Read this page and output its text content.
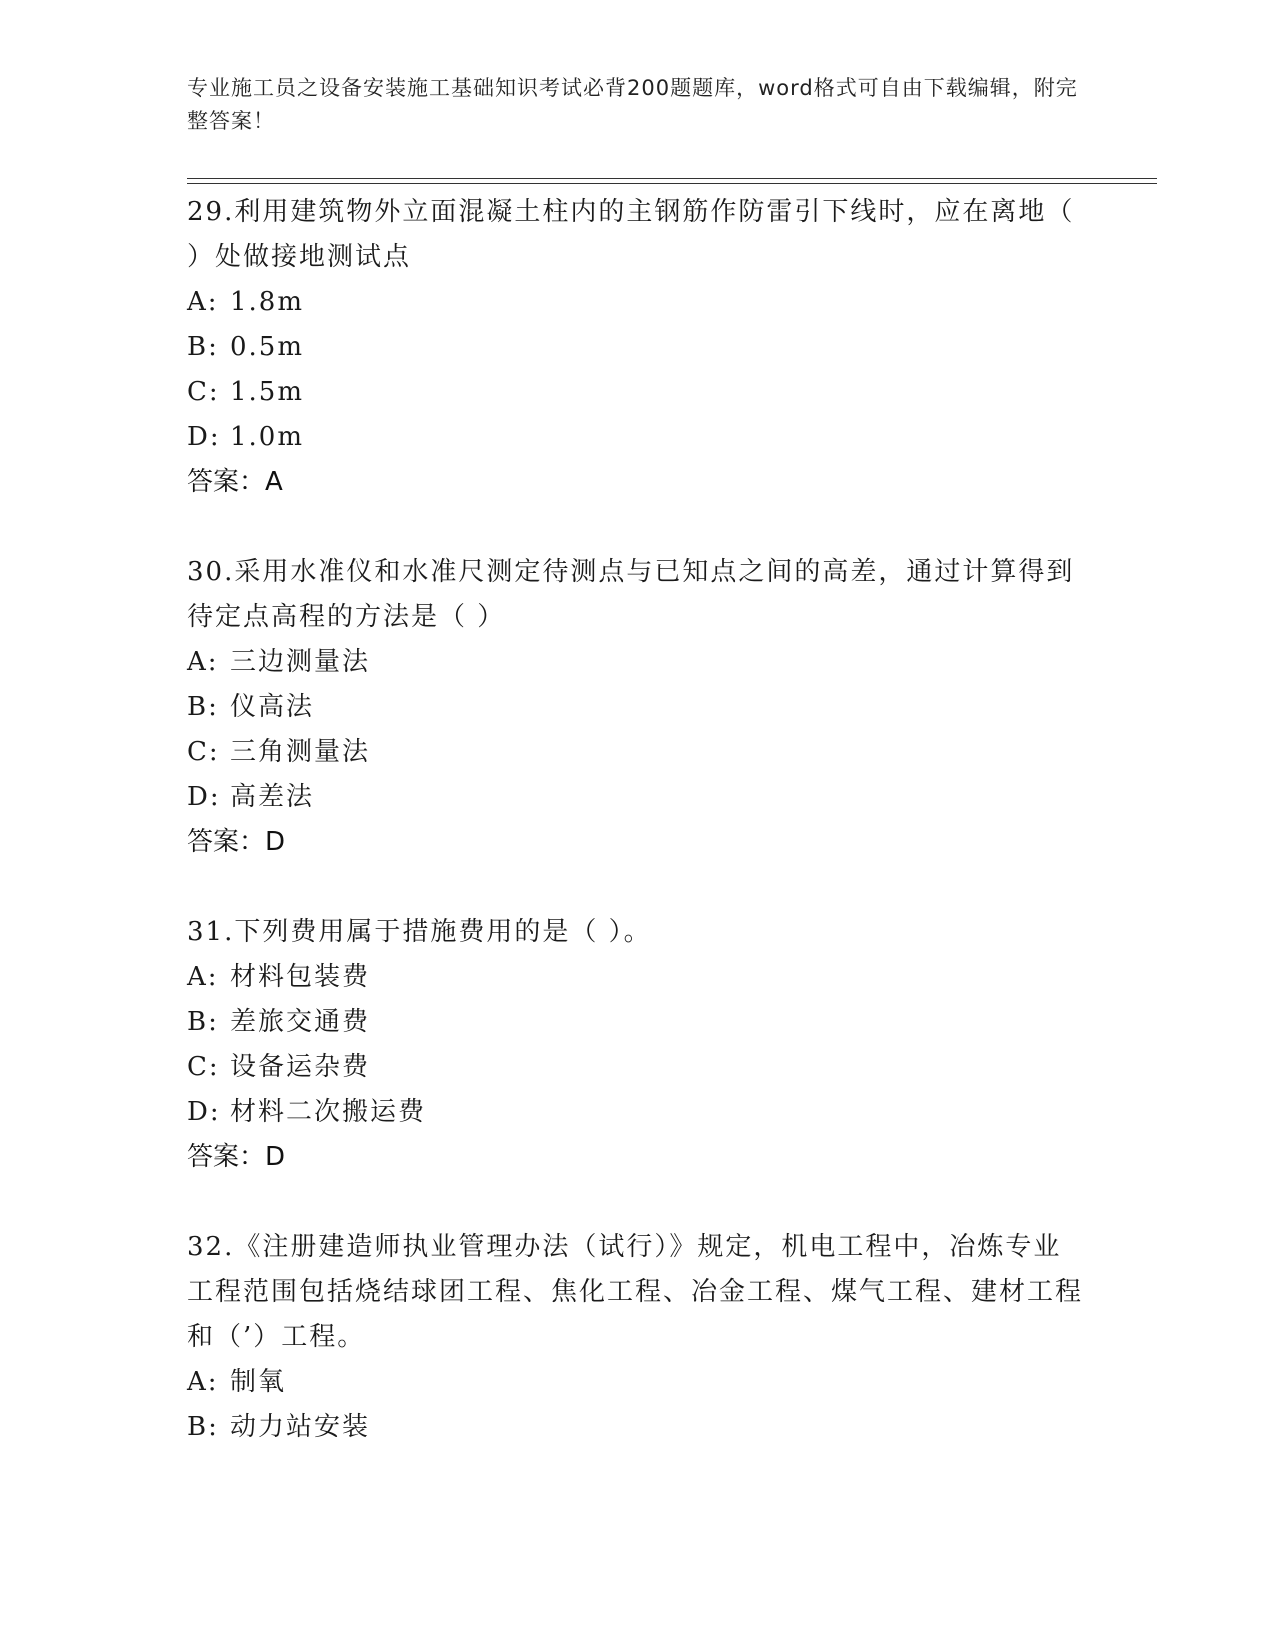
专业施工员之设备安装施工基础知识考试必背200题题库，word格式可自由下载编辑，附完整答案！

29.利用建筑物外立面混凝土柱内的主钢筋作防雷引下线时，应在离地（ ）处做接地测试点

A: 1.8m

B: 0.5m

C: 1.5m

D: 1.0m

答案：A

30.采用水准仪和水准尺测定待测点与已知点之间的高差，通过计算得到待定点高程的方法是（ ）

A: 三边测量法

B: 仪高法

C: 三角测量法

D: 高差法

答案：D

31.下列费用属于措施费用的是（ ）。

A: 材料包装费

B: 差旅交通费

C: 设备运杂费

D: 材料二次搬运费

答案：D

32.《注册建造师执业管理办法（试行）》规定，机电工程中，冶炼专业工程范围包括烧结球团工程、焦化工程、冶金工程、煤气工程、建材工程和（’）工程。

A: 制氧

B: 动力站安装
